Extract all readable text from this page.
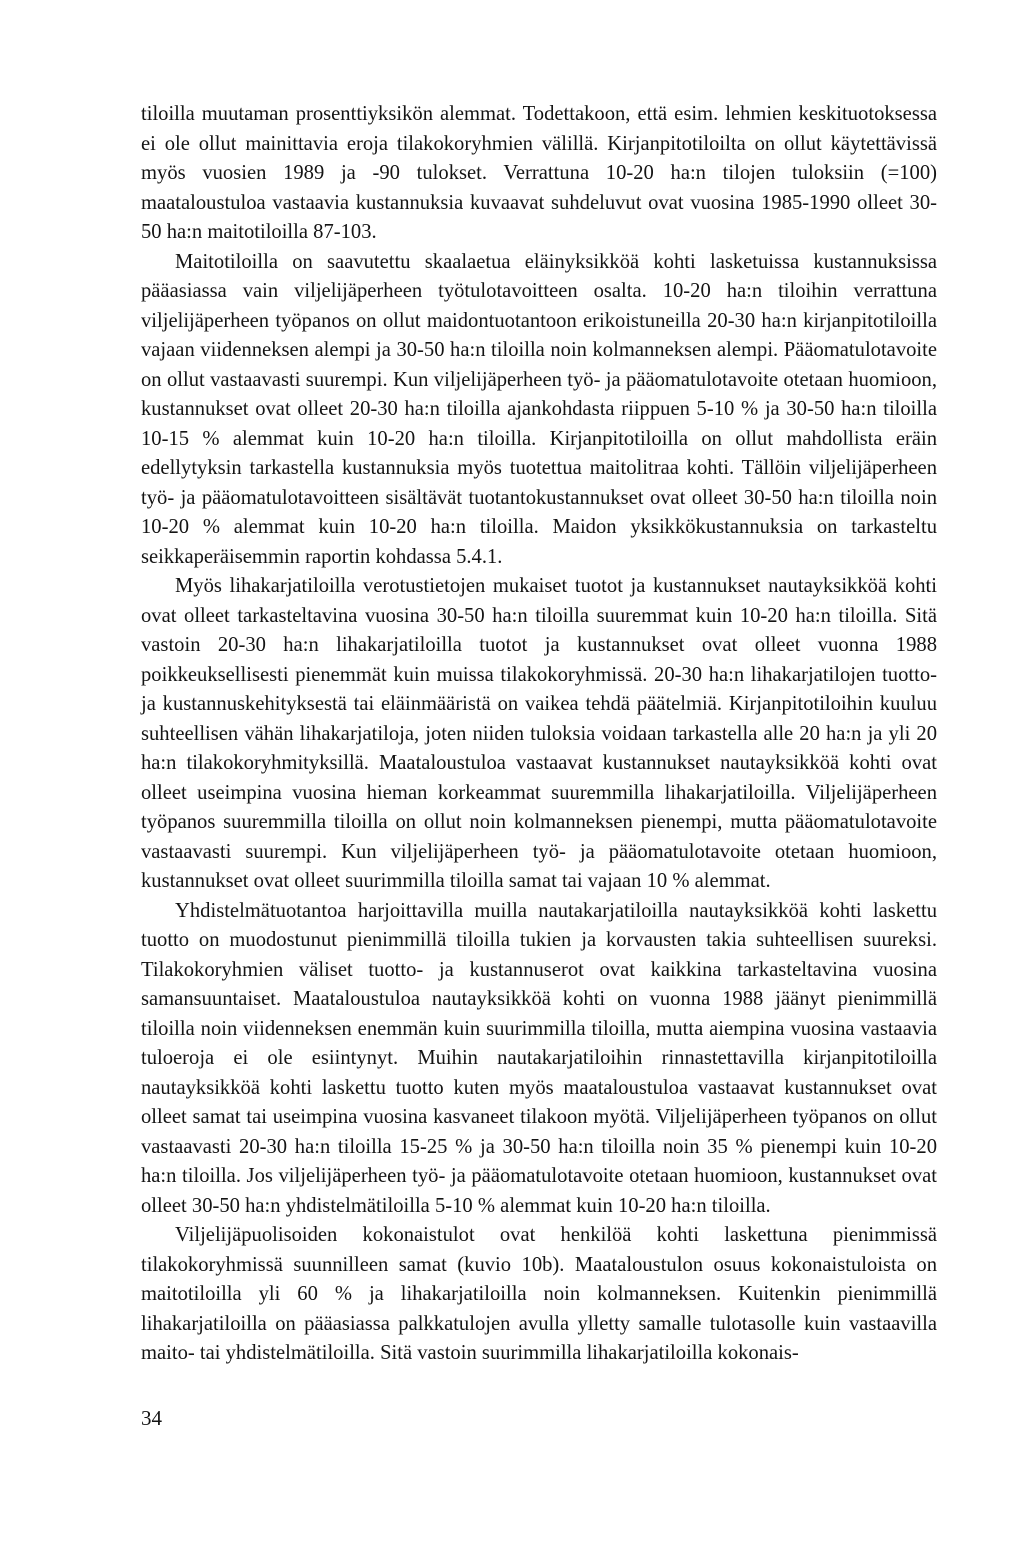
tiloilla muutaman prosenttiyksikön alemmat. Todettakoon, että esim. lehmien keskituotoksessa ei ole ollut mainittavia eroja tilakokoryhmien välillä. Kirjanpitotiloilta on ollut käytettävissä myös vuosien 1989 ja -90 tulokset. Verrattuna 10-20 ha:n tilojen tuloksiin (=100) maataloustuloa vastaavia kustannuksia kuvaavat suhdeluvut ovat vuosina 1985-1990 olleet 30-50 ha:n maitotiloilla 87-103.

Maitotiloilla on saavutettu skaalaetua eläinyksikköä kohti lasketuissa kustannuksissa pääasiassa vain viljelijäperheen työtulotavoitteen osalta. 10-20 ha:n tiloihin verrattuna viljelijäperheen työpanos on ollut maidontuotantoon erikoistuneilla 20-30 ha:n kirjanpitotiloilla vajaan viidenneksen alempi ja 30-50 ha:n tiloilla noin kolmanneksen alempi. Pääomatulotavoite on ollut vastaavasti suurempi. Kun viljelijäperheen työ- ja pääomatulotavoite otetaan huomioon, kustannukset ovat olleet 20-30 ha:n tiloilla ajankohdasta riippuen 5-10 % ja 30-50 ha:n tiloilla 10-15 % alemmat kuin 10-20 ha:n tiloilla. Kirjanpitotiloilla on ollut mahdollista eräin edellytyksin tarkastella kustannuksia myös tuotettua maitolitraa kohti. Tällöin viljelijäperheen työ- ja pääomatulotavoitteen sisältävät tuotantokustannukset ovat olleet 30-50 ha:n tiloilla noin 10-20 % alemmat kuin 10-20 ha:n tiloilla. Maidon yksikkökustannuksia on tarkasteltu seikkaperäisemmin raportin kohdassa 5.4.1.

Myös lihakarjatiloilla verotustietojen mukaiset tuotot ja kustannukset nautayksikköä kohti ovat olleet tarkasteltavina vuosina 30-50 ha:n tiloilla suuremmat kuin 10-20 ha:n tiloilla. Sitä vastoin 20-30 ha:n lihakarjatiloilla tuotot ja kustannukset ovat olleet vuonna 1988 poikkeuksellisesti pienemmät kuin muissa tilakokoryhmissä. 20-30 ha:n lihakarjatilojen tuotto- ja kustannuskehityksestä tai eläinmääristä on vaikea tehdä päätelmiä. Kirjanpitotiloihin kuuluu suhteellisen vähän lihakarjatiloja, joten niiden tuloksia voidaan tarkastella alle 20 ha:n ja yli 20 ha:n tilakokoryhmityksillä. Maataloustuloa vastaavat kustannukset nautayksikköä kohti ovat olleet useimpina vuosina hieman korkeammat suuremmilla lihakarjatiloilla. Viljelijäperheen työpanos suuremmilla tiloilla on ollut noin kolmanneksen pienempi, mutta pääomatulotavoite vastaavasti suurempi. Kun viljelijäperheen työ- ja pääomatulotavoite otetaan huomioon, kustannukset ovat olleet suurimmilla tiloilla samat tai vajaan 10 % alemmat.

Yhdistelmätuotantoa harjoittavilla muilla nautakarjatiloilla nautayksikköä kohti laskettu tuotto on muodostunut pienimmillä tiloilla tukien ja korvausten takia suhteellisen suureksi. Tilakokoryhmien väliset tuotto- ja kustannuserot ovat kaikkina tarkasteltavina vuosina samansuuntaiset. Maataloustuloa nautayksikköä kohti on vuonna 1988 jäänyt pienimmillä tiloilla noin viidenneksen enemmän kuin suurimmilla tiloilla, mutta aiempina vuosina vastaavia tuloeroja ei ole esiintynyt. Muihin nautakarjatiloihin rinnastettavilla kirjanpitotiloilla nautayksikköä kohti laskettu tuotto kuten myös maataloustuloa vastaavat kustannukset ovat olleet samat tai useimpina vuosina kasvaneet tilakoon myötä. Viljelijäperheen työpanos on ollut vastaavasti 20-30 ha:n tiloilla 15-25 % ja 30-50 ha:n tiloilla noin 35 % pienempi kuin 10-20 ha:n tiloilla. Jos viljelijäperheen työ- ja pääomatulotavoite otetaan huomioon, kustannukset ovat olleet 30-50 ha:n yhdistelmätiloilla 5-10 % alemmat kuin 10-20 ha:n tiloilla.

Viljelijäpuolisoiden kokonaistulot ovat henkilöä kohti laskettuna pienimmissä tilakokoryhmissä suunnilleen samat (kuvio 10b). Maataloustulon osuus kokonaistuloista on maitotiloilla yli 60 % ja lihakarjatiloilla noin kolmanneksen. Kuitenkin pienimmillä lihakarjatiloilla on pääasiassa palkkatulojen avulla ylletty samalle tulotasolle kuin vastaavilla maito- tai yhdistelmätiloilla. Sitä vastoin suurimmilla lihakarjatiloilla kokonais-

34
